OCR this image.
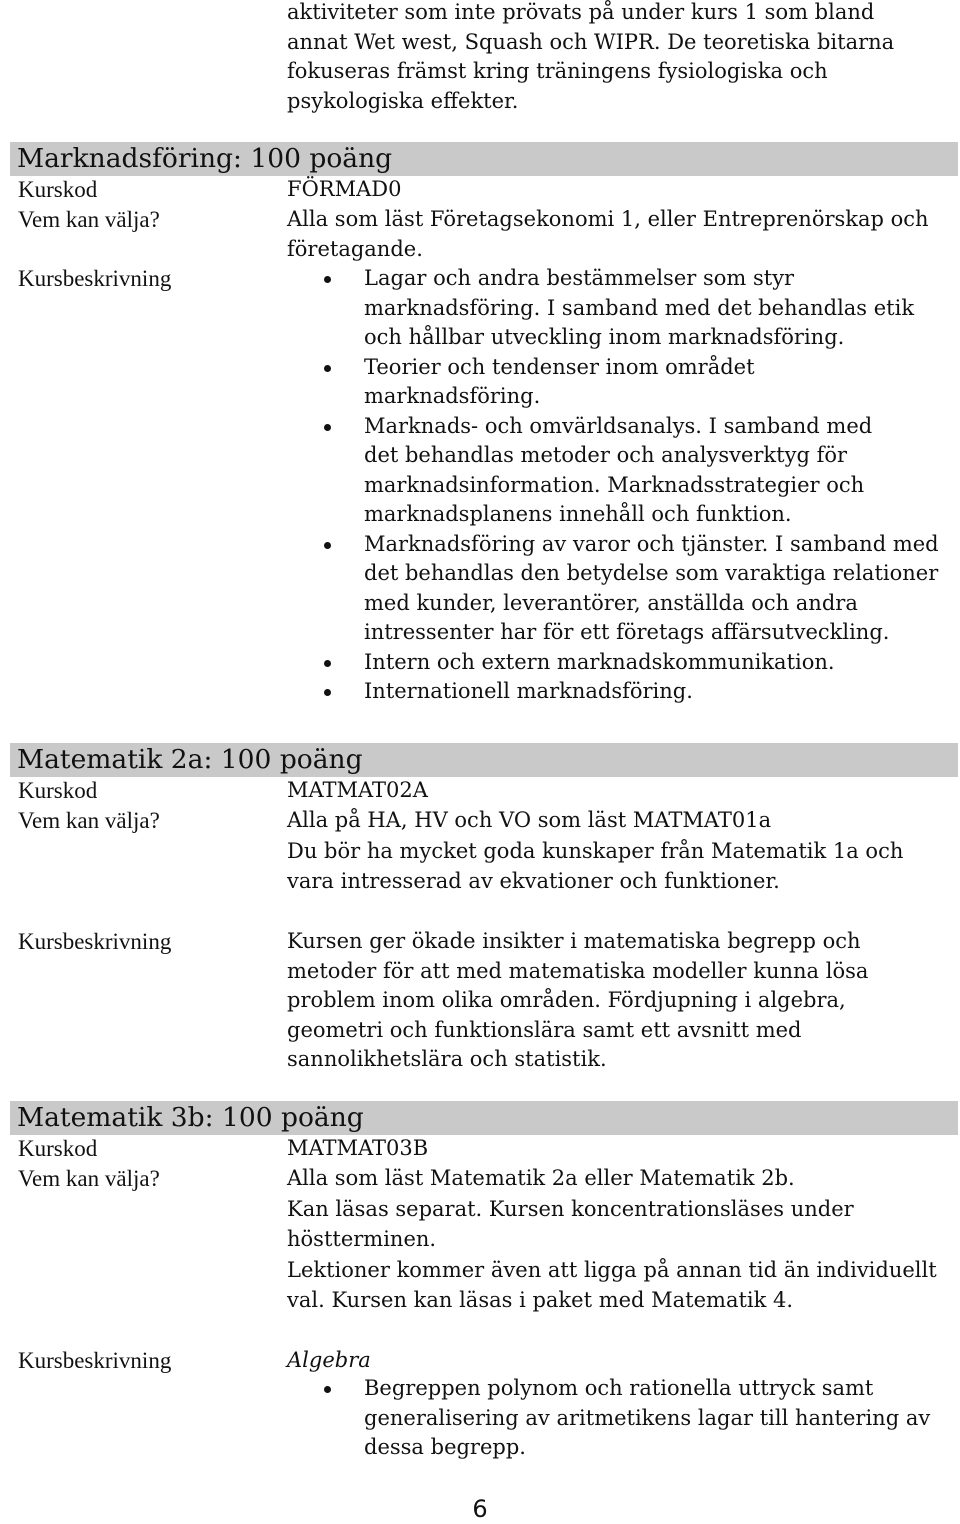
aktiviteter som inte prövats på under kurs 1 som bland annat Wet west, Squash och WIPR. De teoretiska bitarna fokuseras främst kring träningens fysiologiska och psykologiska effekter.
Marknadsföring: 100 poäng
Kurskod	FÖRMAD0
Vem kan välja?	Alla som läst Företagsekonomi 1, eller Entreprenörskap och företagande.
Kursbeskrivning	Lagar och andra bestämmelser som styr marknadsföring. I samband med det behandlas etik och hållbar utveckling inom marknadsföring.
Teorier och tendenser inom området marknadsföring.
Marknads- och omvärldsanalys. I samband med det behandlas metoder och analysverktyg för marknadsinformation. Marknadsstrategier och marknadsplanens innehåll och funktion.
Marknadsföring av varor och tjänster. I samband med det behandlas den betydelse som varaktiga relationer med kunder, leverantörer, anställda och andra intressenter har för ett företags affärsutveckling.
Intern och extern marknadskommunikation.
Internationell marknadsföring.
Matematik 2a: 100 poäng
Kurskod	MATMAT02A
Vem kan välja?	Alla på HA, HV och VO som läst MATMAT01a
Du bör ha mycket goda kunskaper från Matematik 1a och vara intresserad av ekvationer och funktioner.
Kursbeskrivning	Kursen ger ökade insikter i matematiska begrepp och metoder för att med matematiska modeller kunna lösa problem inom olika områden. Fördjupning i algebra, geometri och funktionslära samt ett avsnitt med sannolikhetslära och statistik.
Matematik 3b: 100 poäng
Kurskod	MATMAT03B
Vem kan välja?	Alla som läst Matematik 2a eller Matematik 2b.
Kan läsas separat. Kursen koncentrationsläses under höstterminen.
Lektioner kommer även att ligga på annan tid än individuellt val. Kursen kan läsas i paket med Matematik 4.
Kursbeskrivning	Algebra
Begreppen polynom och rationella uttryck samt generalisering av aritmetikens lagar till hantering av dessa begrepp.
6
